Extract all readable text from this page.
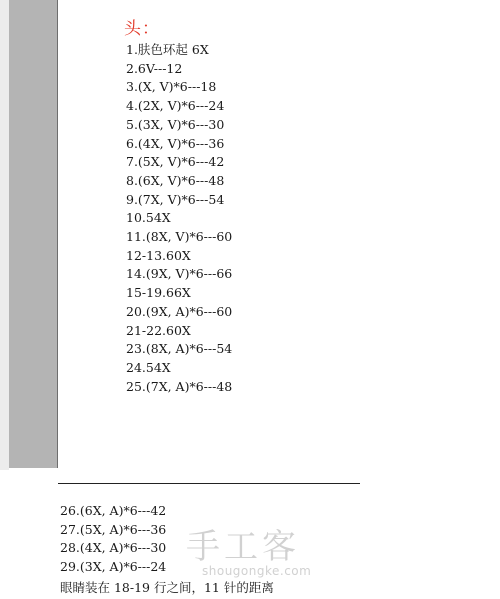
头：
1.肤色环起 6X
2.6V---12
3.(X, V)*6---18
4.(2X, V)*6---24
5.(3X, V)*6---30
6.(4X, V)*6---36
7.(5X, V)*6---42
8.(6X, V)*6---48
9.(7X, V)*6---54
10.54X
11.(8X, V)*6---60
12-13.60X
14.(9X, V)*6---66
15-19.66X
20.(9X, A)*6---60
21-22.60X
23.(8X, A)*6---54
24.54X
25.(7X, A)*6---48
26.(6X, A)*6---42
27.(5X, A)*6---36
28.(4X, A)*6---30
29.(3X, A)*6---24
眼睛装在 18-19 行之间，11 针的距离
手工客
shougongke.com
